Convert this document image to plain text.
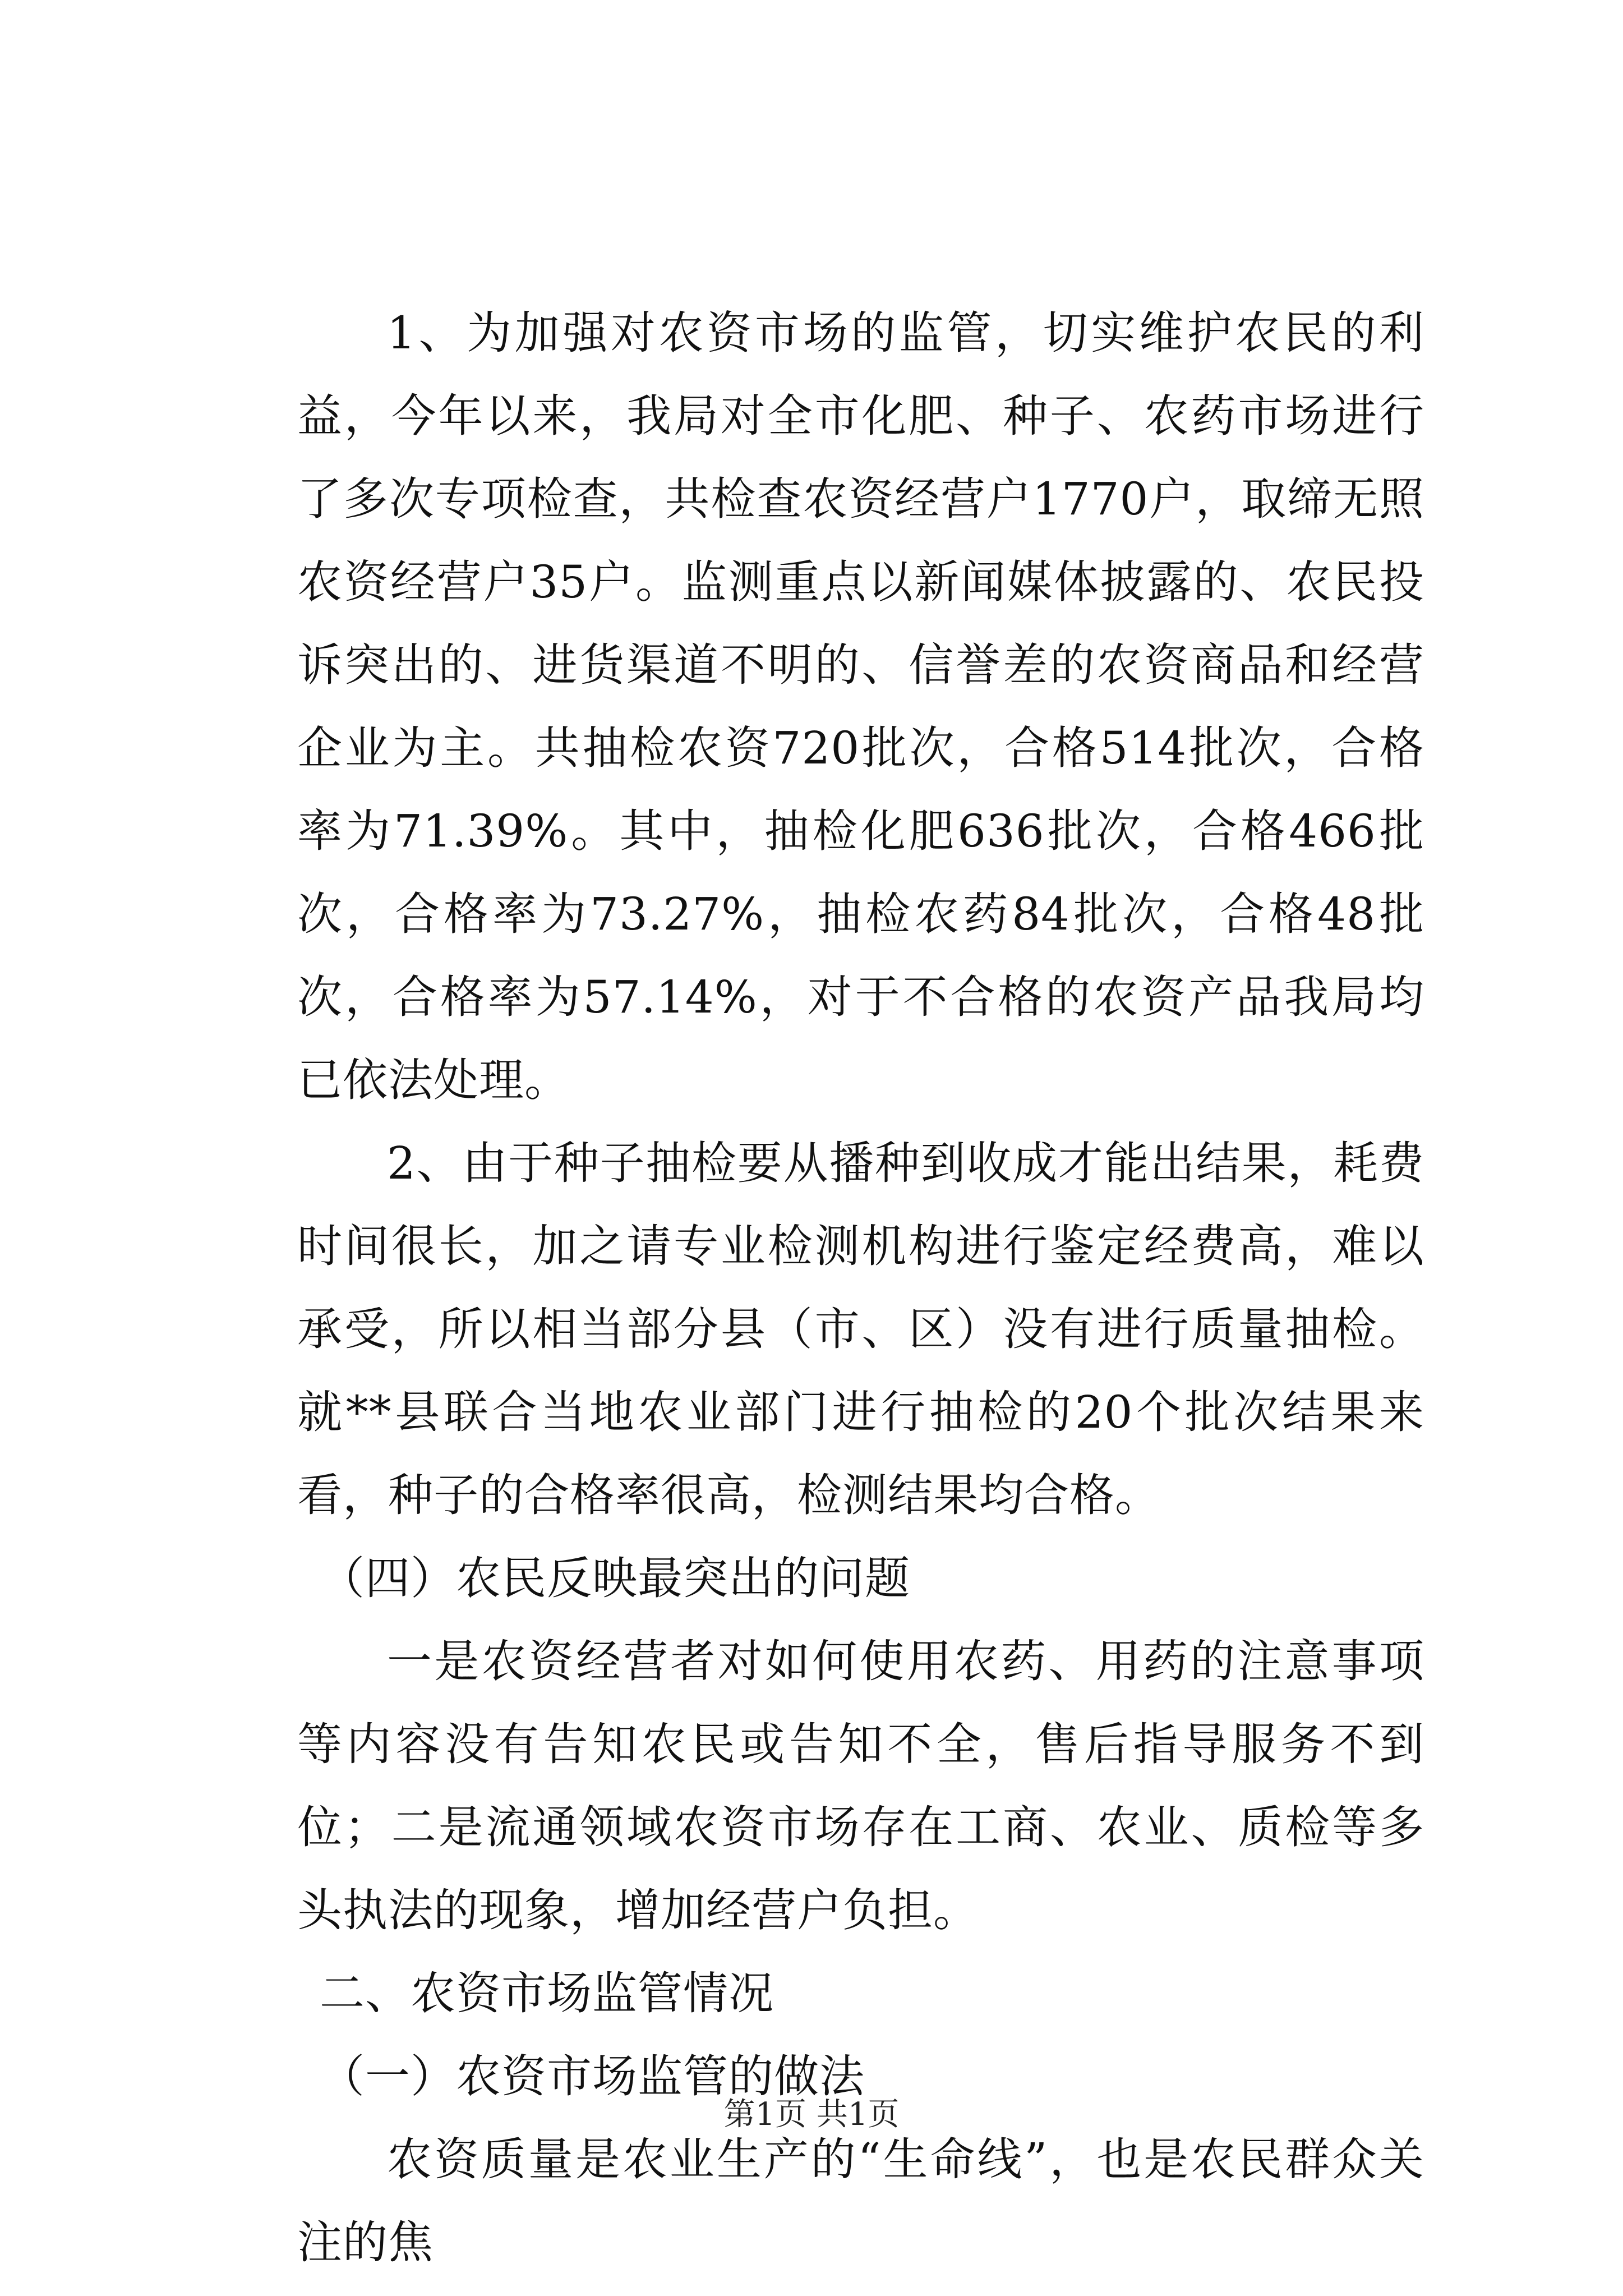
1、为加强对农资市场的监管，切实维护农民的利益，今年以来，我局对全市化肥、种子、农药市场进行了多次专项检查，共检查农资经营户1770户，取缔无照农资经营户35户。监测重点以新闻媒体披露的、农民投诉突出的、进货渠道不明的、信誉差的农资商品和经营企业为主。共抽检农资720批次，合格514批次，合格率为71.39%。其中，抽检化肥636批次，合格466批次，合格率为73.27%，抽检农药84批次，合格48批次，合格率为57.14%，对于不合格的农资产品我局均已依法处理。

2、由于种子抽检要从播种到收成才能出结果，耗费时间很长，加之请专业检测机构进行鉴定经费高，难以承受，所以相当部分县（市、区）没有进行质量抽检。就**县联合当地农业部门进行抽检的20个批次结果来看，种子的合格率很高，检测结果均合格。

（四）农民反映最突出的问题

一是农资经营者对如何使用农药、用药的注意事项等内容没有告知农民或告知不全，售后指导服务不到位；二是流通领域农资市场存在工商、农业、质检等多头执法的现象，增加经营户负担。

二、农资市场监管情况

（一）农资市场监管的做法

农资质量是农业生产的“生命线”，也是农民群众关注的焦

第1页 共1页
